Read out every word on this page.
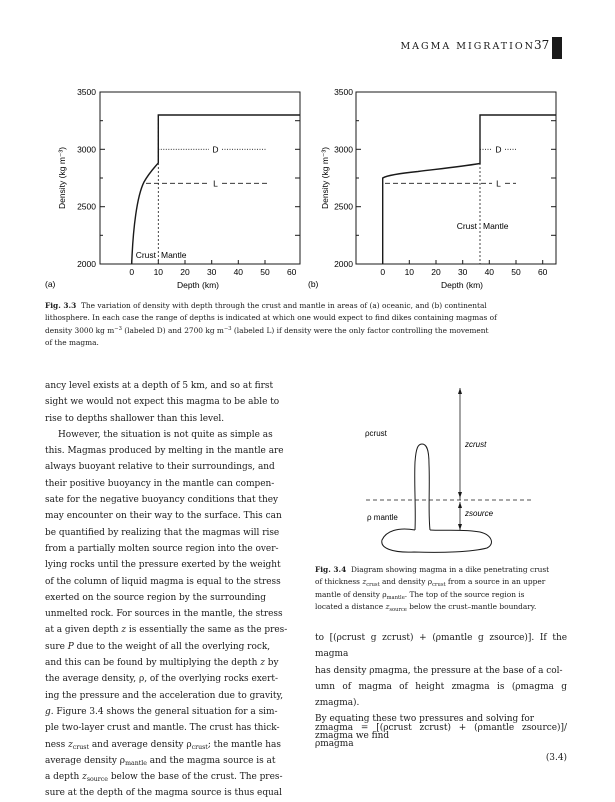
MAGMA MIGRATION 37
3500
3000
2500
2000
0 10 20 30 40 50 60
Depth (km)
(a)
Density (kg m⁻³)	D
L
Crust Mantle
3500
3000
2500
2000
0 10 20 30 40 50 60
Depth (km)
(b)
Density (kg m⁻³)	D
L
Crust Mantle
Fig. 3.3 The variation of density with depth through the crust and mantle in areas of (a) oceanic, and (b) continental
lithosphere. In each case the range of depths is indicated at which one would expect to find dikes containing magmas of
density 3000 kg $m^{-3}$ (labeled D) and 2700 kg $m^{-3}$ (labeled L) if density were the only factor controlling the movement
of the magma.
ancy level exists at a depth of 5 km, and so at first
sight we would not expect this magma to be able to
rise to depths shallower than this level.
However, the situation is not quite as simple as
this. Magmas produced by melting in the mantle are
always buoyant relative to their surroundings, and
their positive buoyancy in the mantle can compen-
sate for the negative buoyancy conditions that they
may encounter on their way to the surface. This can
be quantified by realizing that the magmas will rise
from a partially molten source region into the over-
lying rocks until the pressure exerted by the weight
of the column of liquid magma is equal to the stress
exerted on the source region by the surrounding
unmelted rock. For sources in the mantle, the stress
at a given depth z is essentially the same as the pres-
sure P due to the weight of all the overlying rock,
and this can be found by multiplying the depth z by
the average density, ρ, of the overlying rocks exert-
ing the pressure and the acceleration due to gravity,
g. Figure 3.4 shows the general situation for a sim-
ple two-layer crust and mantle. The crust has thick-
ness $z_{crust}$ and average density $\rho_{crust}$; the mantle has
average density $\rho_{mantle}$ and the magma source is at
a depth $z_{source}$ below the base of the crust. The pres-
sure at the depth of the magma source is thus equal
ρcrust
zcrust
ρ mantle	zsource
Fig. 3.4 Diagram showing magma in a dike penetrating crust
of thickness $z_{crust}$ and density $\rho_{crust}$ from a source in an upper
mantle of density $\rho_{mantle}$. The top of the source region is
located a distance $z_{source}$ below the crust–mantle boundary.
to [(ρcrust g zcrust) + (ρmantle g zsource)]. If the magma
has density ρmagma, the pressure at the base of a col-
umn of magma of height zmagma is (ρmagma g zmagma).
By equating these two pressures and solving for
zmagma we find
zmagma = [(ρcrust zcrust) + (ρmantle zsource)]/ρmagma
(3.4)
